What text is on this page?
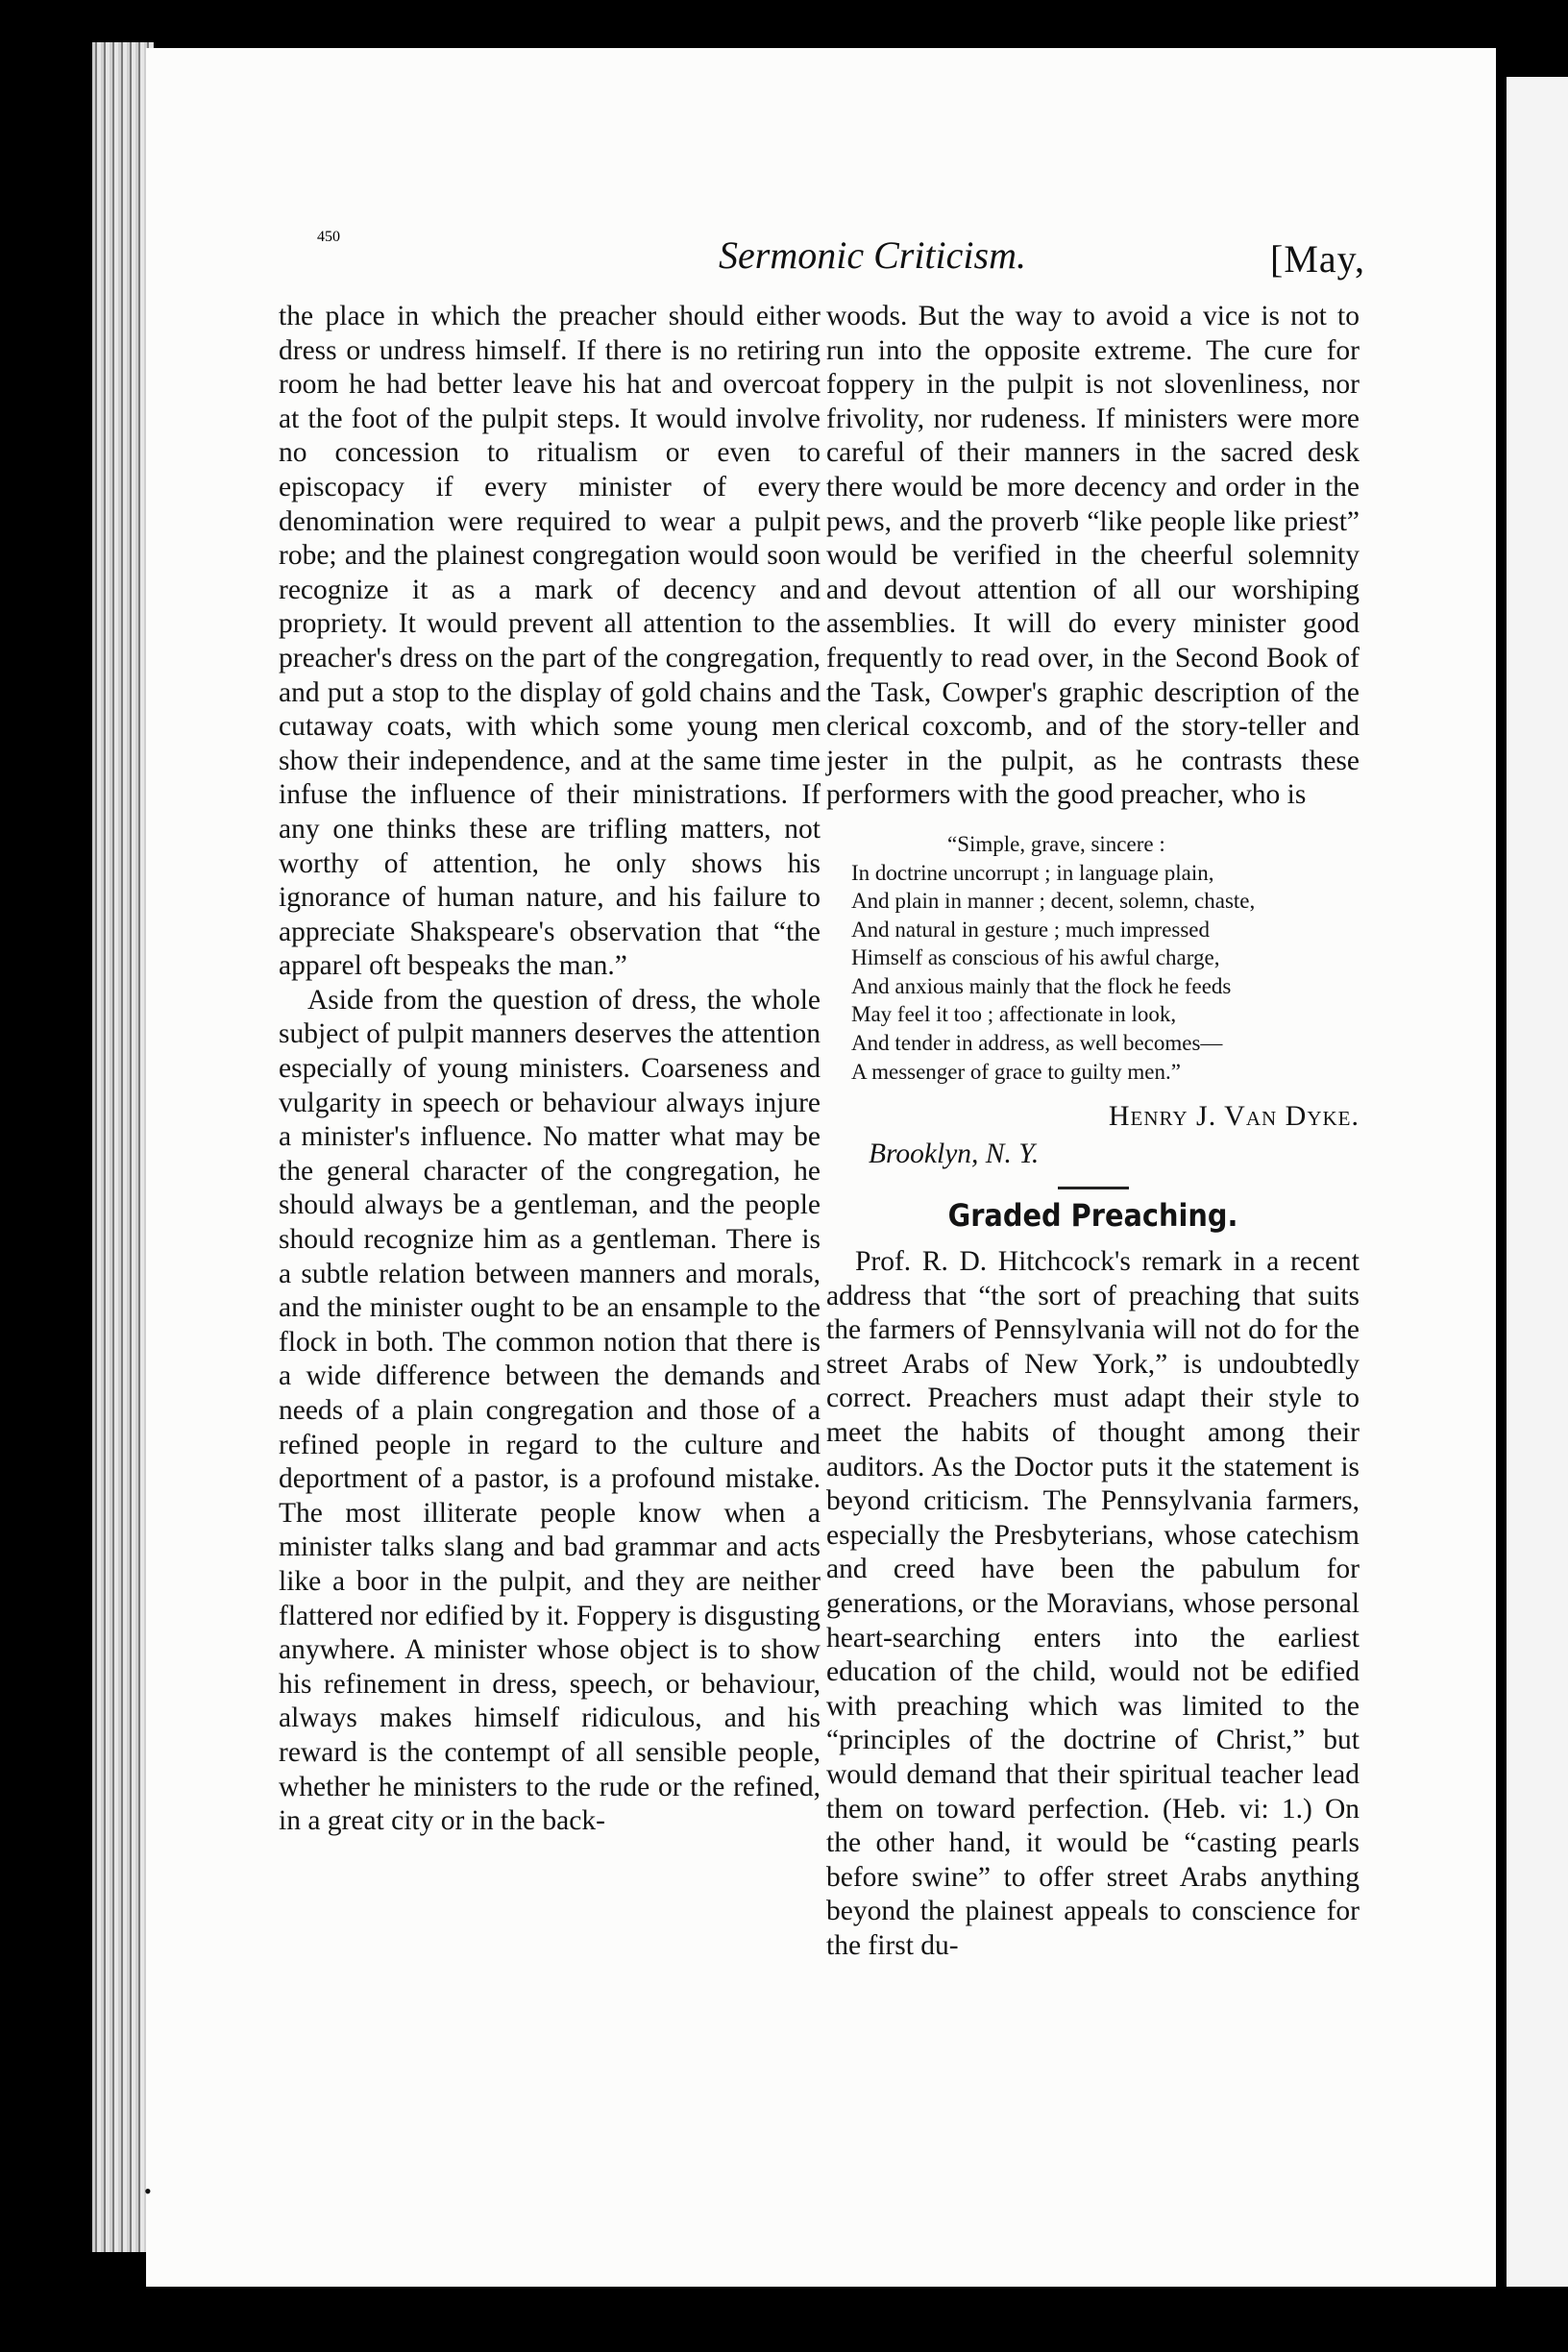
450	Sermonic Criticism.	[May,

the place in which the preacher should either dress or undress himself. If there is no retiring room he had better leave his hat and overcoat at the foot of the pulpit steps. It would involve no concession to ritualism or even to episcopacy if every minister of every denomination were required to wear a pulpit robe; and the plainest congregation would soon recognize it as a mark of decency and propriety. It would prevent all attention to the preacher's dress on the part of the congregation, and put a stop to the display of gold chains and cutaway coats, with which some young men show their independence, and at the same time infuse the influence of their ministrations. If any one thinks these are trifling matters, not worthy of attention, he only shows his ignorance of human nature, and his failure to appreciate Shakspeare's observation that “the apparel oft bespeaks the man.”

Aside from the question of dress, the whole subject of pulpit manners deserves the attention especially of young ministers. Coarseness and vulgarity in speech or behaviour always injure a minister's influence. No matter what may be the general character of the congregation, he should always be a gentleman, and the people should recognize him as a gentleman. There is a subtle relation between manners and morals, and the minister ought to be an ensample to the flock in both. The common notion that there is a wide difference between the demands and needs of a plain congregation and those of a refined people in regard to the culture and deportment of a pastor, is a profound mistake. The most illiterate people know when a minister talks slang and bad grammar and acts like a boor in the pulpit, and they are neither flattered nor edified by it. Foppery is disgusting anywhere. A minister whose object is to show his refinement in dress, speech, or behaviour, always makes himself ridiculous, and his reward is the contempt of all sensible people, whether he ministers to the rude or the refined, in a great city or in the back-

woods. But the way to avoid a vice is not to run into the opposite extreme. The cure for foppery in the pulpit is not slovenliness, nor frivolity, nor rudeness. If ministers were more careful of their manners in the sacred desk there would be more decency and order in the pews, and the proverb “like people like priest” would be verified in the cheerful solemnity and devout attention of all our worshiping assemblies. It will do every minister good frequently to read over, in the Second Book of the Task, Cowper's graphic description of the clerical coxcomb, and of the story-teller and jester in the pulpit, as he contrasts these performers with the good preacher, who is

“Simple, grave, sincere :
In doctrine uncorrupt ; in language plain,
And plain in manner ; decent, solemn, chaste,
And natural in gesture ; much impressed
Himself as conscious of his awful charge,
And anxious mainly that the flock he feeds
May feel it too ; affectionate in look,
And tender in address, as well becomes—
A messenger of grace to guilty men.”
Henry J. Van Dyke.
Brooklyn, N. Y.
Graded Preaching.

Prof. R. D. Hitchcock's remark in a recent address that “the sort of preaching that suits the farmers of Pennsylvania will not do for the street Arabs of New York,” is undoubtedly correct. Preachers must adapt their style to meet the habits of thought among their auditors. As the Doctor puts it the statement is beyond criticism. The Pennsylvania farmers, especially the Presbyterians, whose catechism and creed have been the pabulum for generations, or the Moravians, whose personal heart-searching enters into the earliest education of the child, would not be edified with preaching which was limited to the “principles of the doctrine of Christ,” but would demand that their spiritual teacher lead them on toward perfection. (Heb. vi: 1.) On the other hand, it would be “casting pearls before swine” to offer street Arabs anything beyond the plainest appeals to conscience for the first du-

•
